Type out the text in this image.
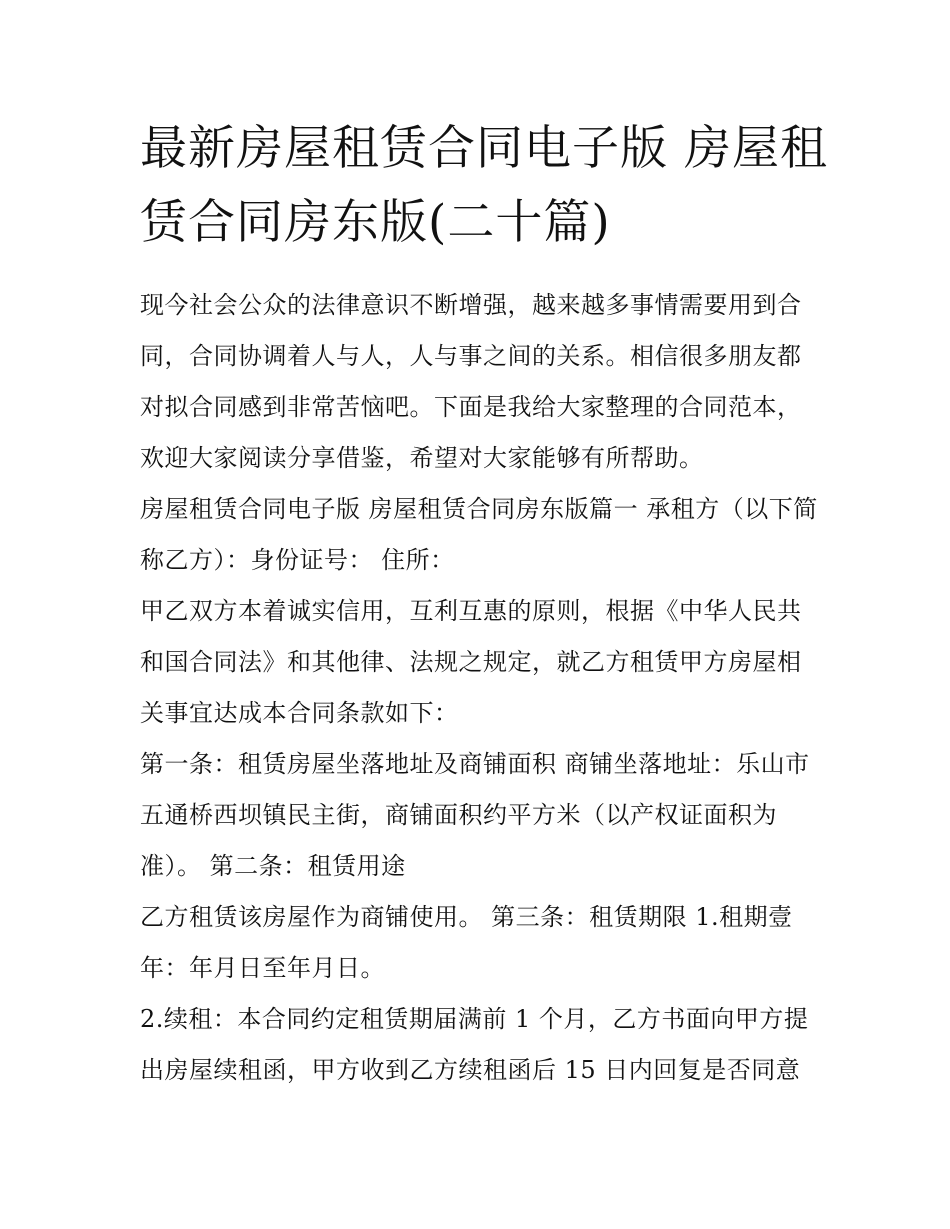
最新房屋租赁合同电子版 房屋租赁合同房东版(二十篇)

现今社会公众的法律意识不断增强，越来越多事情需要用到合同，合同协调着人与人，人与事之间的关系。相信很多朋友都对拟合同感到非常苦恼吧。下面是我给大家整理的合同范本，欢迎大家阅读分享借鉴，希望对大家能够有所帮助。

房屋租赁合同电子版 房屋租赁合同房东版篇一 承租方（以下简称乙方）：身份证号： 住所：

甲乙双方本着诚实信用，互利互惠的原则，根据《中华人民共和国合同法》和其他律、法规之规定，就乙方租赁甲方房屋相关事宜达成本合同条款如下：

第一条：租赁房屋坐落地址及商铺面积 商铺坐落地址：乐山市五通桥西坝镇民主街，商铺面积约平方米（以产权证面积为准）。 第二条：租赁用途

乙方租赁该房屋作为商铺使用。 第三条：租赁期限 1.租期壹年：年月日至年月日。

2.续租：本合同约定租赁期届满前 1 个月，乙方书面向甲方提出房屋续租函，甲方收到乙方续租函后 15 日内回复是否同意
